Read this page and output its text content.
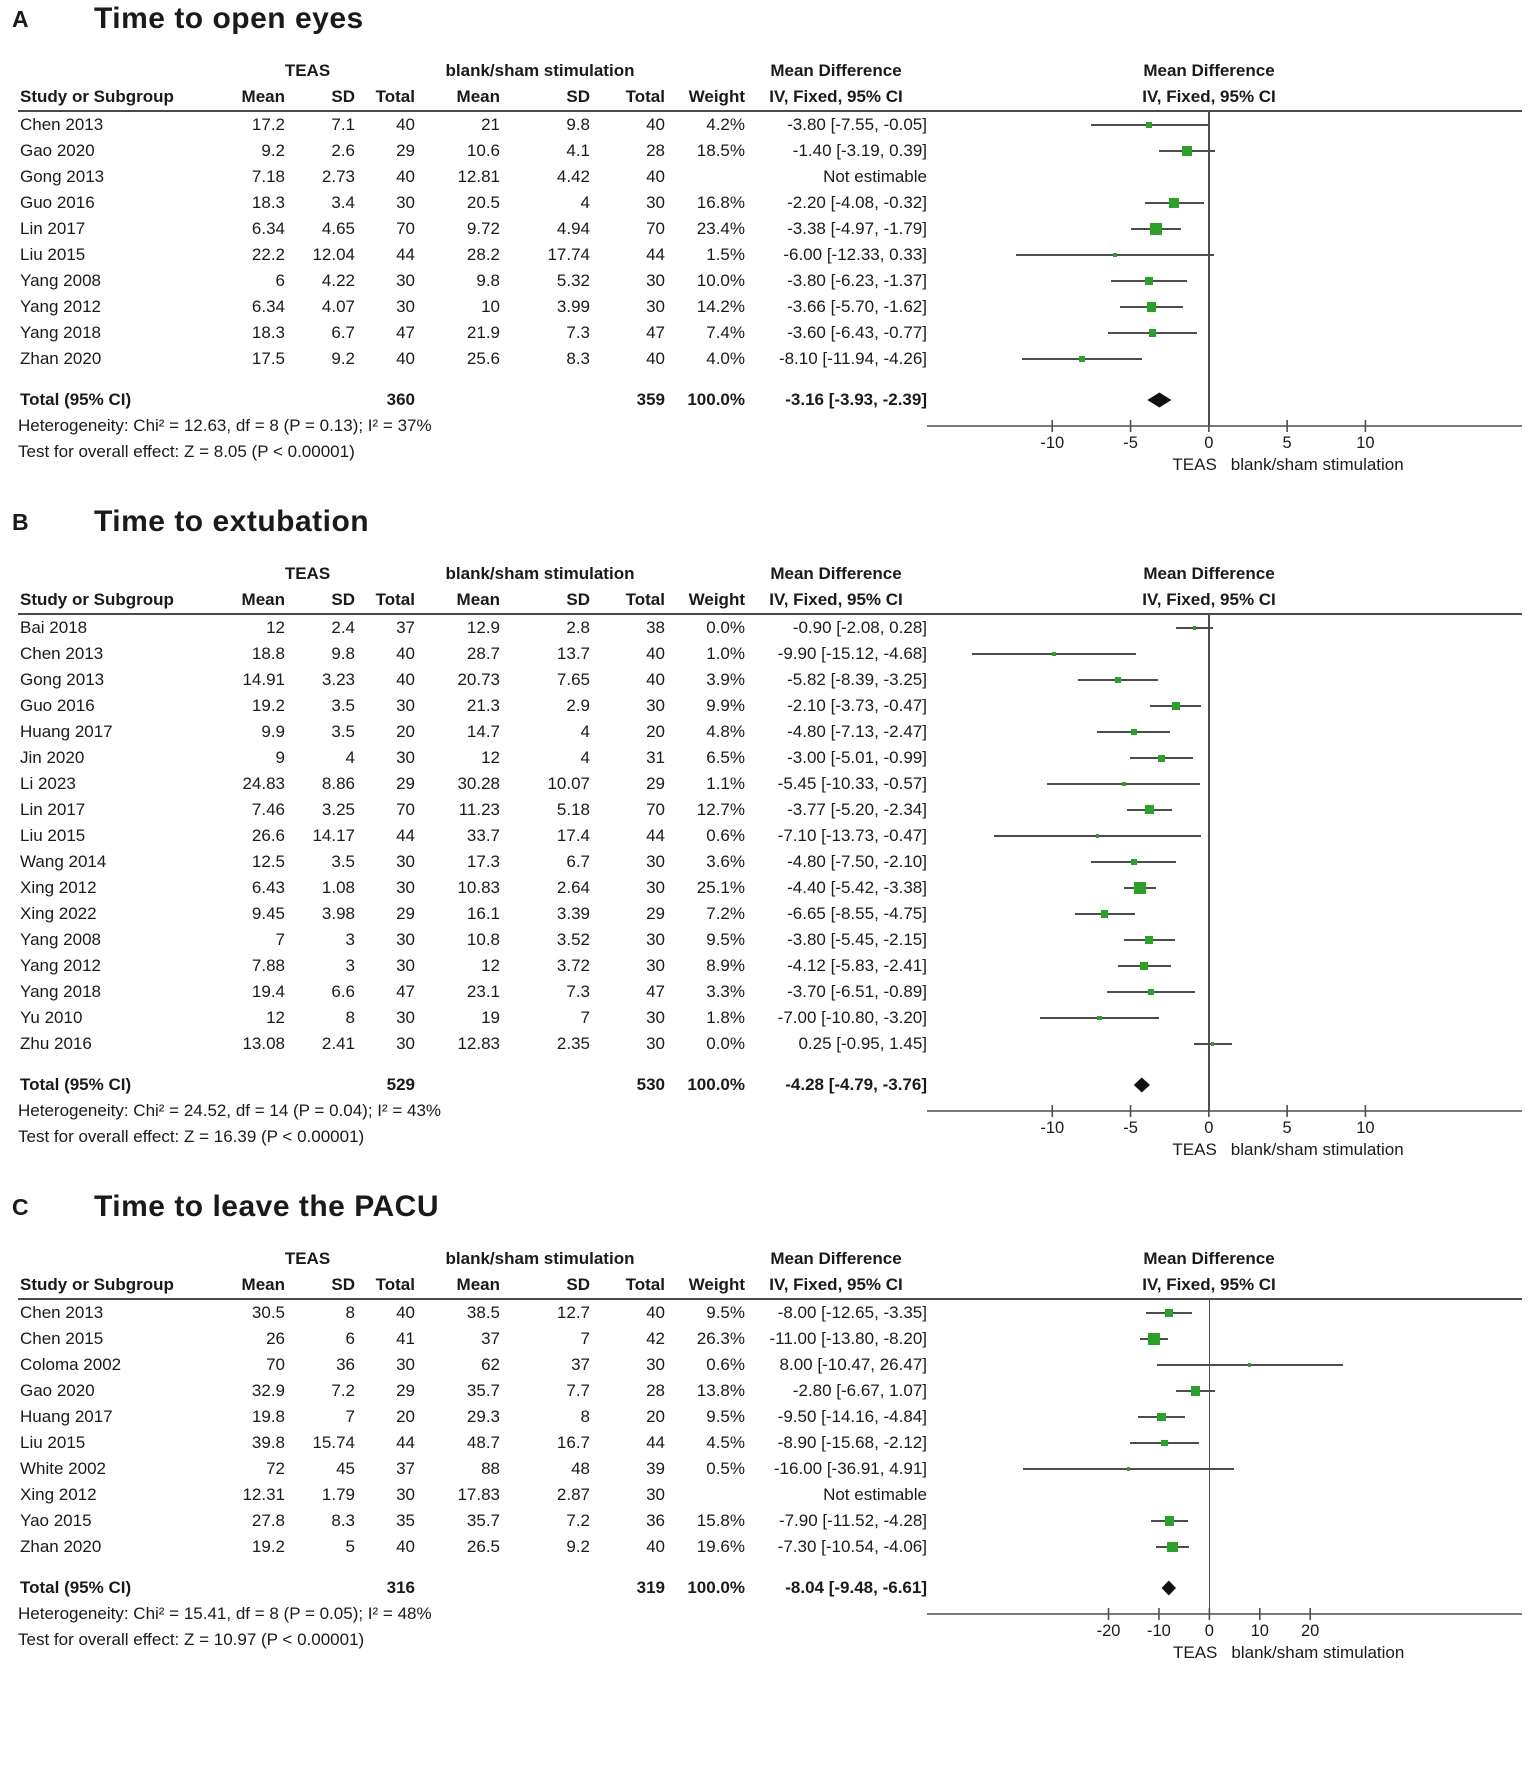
A Time to open eyes
TEAS	blank/sham stimulation	Mean Difference	Mean Difference
Study or Subgroup	Mean	SD	Total	Mean	SD	Total	Weight	IV, Fixed, 95% CI	IV, Fixed, 95% CI
Chen 2013	17.2	7.1	40	21	9.8	40	4.2%	-3.80 [-7.55, -0.05]
Gao 2020	9.2	2.6	29	10.6	4.1	28	18.5%	-1.40 [-3.19, 0.39]
Gong 2013	7.18	2.73	40	12.81	4.42	40	Not estimable
Guo 2016	18.3	3.4	30	20.5	4	30	16.8%	-2.20 [-4.08, -0.32]
Lin 2017	6.34	4.65	70	9.72	4.94	70	23.4%	-3.38 [-4.97, -1.79]
Liu 2015	22.2	12.04	44	28.2	17.74	44	1.5%	-6.00 [-12.33, 0.33]
Yang 2008	6	4.22	30	9.8	5.32	30	10.0%	-3.80 [-6.23, -1.37]
Yang 2012	6.34	4.07	30	10	3.99	30	14.2%	-3.66 [-5.70, -1.62]
Yang 2018	18.3	6.7	47	21.9	7.3	47	7.4%	-3.60 [-6.43, -0.77]
Zhan 2020	17.5	9.2	40	25.6	8.3	40	4.0%	-8.10 [-11.94, -4.26]
Total (95% CI)	360	359	100.0%	-3.16 [-3.93, -2.39]
Heterogeneity: Chi² = 12.63, df = 8 (P = 0.13); I² = 37%
Test for overall effect: Z = 8.05 (P < 0.00001)	-10	-5	0	5	10
TEAS blank/sham stimulation
B Time to extubation
TEAS	blank/sham stimulation	Mean Difference	Mean Difference
Study or Subgroup	Mean	SD	Total	Mean	SD	Total	Weight	IV, Fixed, 95% CI	IV, Fixed, 95% CI
Bai 2018	12	2.4	37	12.9	2.8	38	0.0%	-0.90 [-2.08, 0.28]
Chen 2013	18.8	9.8	40	28.7	13.7	40	1.0%	-9.90 [-15.12, -4.68]
Gong 2013	14.91	3.23	40	20.73	7.65	40	3.9%	-5.82 [-8.39, -3.25]
Guo 2016	19.2	3.5	30	21.3	2.9	30	9.9%	-2.10 [-3.73, -0.47]
Huang 2017	9.9	3.5	20	14.7	4	20	4.8%	-4.80 [-7.13, -2.47]
Jin 2020	9	4	30	12	4	31	6.5%	-3.00 [-5.01, -0.99]
Li 2023	24.83	8.86	29	30.28	10.07	29	1.1%	-5.45 [-10.33, -0.57]
Lin 2017	7.46	3.25	70	11.23	5.18	70	12.7%	-3.77 [-5.20, -2.34]
Liu 2015	26.6	14.17	44	33.7	17.4	44	0.6%	-7.10 [-13.73, -0.47]
Wang 2014	12.5	3.5	30	17.3	6.7	30	3.6%	-4.80 [-7.50, -2.10]
Xing 2012	6.43	1.08	30	10.83	2.64	30	25.1%	-4.40 [-5.42, -3.38]
Xing 2022	9.45	3.98	29	16.1	3.39	29	7.2%	-6.65 [-8.55, -4.75]
Yang 2008	7	3	30	10.8	3.52	30	9.5%	-3.80 [-5.45, -2.15]
Yang 2012	7.88	3	30	12	3.72	30	8.9%	-4.12 [-5.83, -2.41]
Yang 2018	19.4	6.6	47	23.1	7.3	47	3.3%	-3.70 [-6.51, -0.89]
Yu 2010	12	8	30	19	7	30	1.8%	-7.00 [-10.80, -3.20]
Zhu 2016	13.08	2.41	30	12.83	2.35	30	0.0%	0.25 [-0.95, 1.45]
Total (95% CI)	529	530	100.0%	-4.28 [-4.79, -3.76]
Heterogeneity: Chi² = 24.52, df = 14 (P = 0.04); I² = 43%
Test for overall effect: Z = 16.39 (P < 0.00001)	-10	-5	0	5	10
TEAS blank/sham stimulation
C Time to leave the PACU
TEAS	blank/sham stimulation	Mean Difference	Mean Difference
Study or Subgroup	Mean	SD	Total	Mean	SD	Total	Weight	IV, Fixed, 95% CI	IV, Fixed, 95% CI
Chen 2013	30.5	8	40	38.5	12.7	40	9.5%	-8.00 [-12.65, -3.35]
Chen 2015	26	6	41	37	7	42	26.3%	-11.00 [-13.80, -8.20]
Coloma 2002	70	36	30	62	37	30	0.6%	8.00 [-10.47, 26.47]
Gao 2020	32.9	7.2	29	35.7	7.7	28	13.8%	-2.80 [-6.67, 1.07]
Huang 2017	19.8	7	20	29.3	8	20	9.5%	-9.50 [-14.16, -4.84]
Liu 2015	39.8	15.74	44	48.7	16.7	44	4.5%	-8.90 [-15.68, -2.12]
White 2002	72	45	37	88	48	39	0.5%	-16.00 [-36.91, 4.91]
Xing 2012	12.31	1.79	30	17.83	2.87	30	Not estimable
Yao 2015	27.8	8.3	35	35.7	7.2	36	15.8%	-7.90 [-11.52, -4.28]
Zhan 2020	19.2	5	40	26.5	9.2	40	19.6%	-7.30 [-10.54, -4.06]
Total (95% CI)	316	319	100.0%	-8.04 [-9.48, -6.61]
Heterogeneity: Chi² = 15.41, df = 8 (P = 0.05); I² = 48%
Test for overall effect: Z = 10.97 (P < 0.00001)	-20 -10 0 10 20
TEAS blank/sham stimulation
